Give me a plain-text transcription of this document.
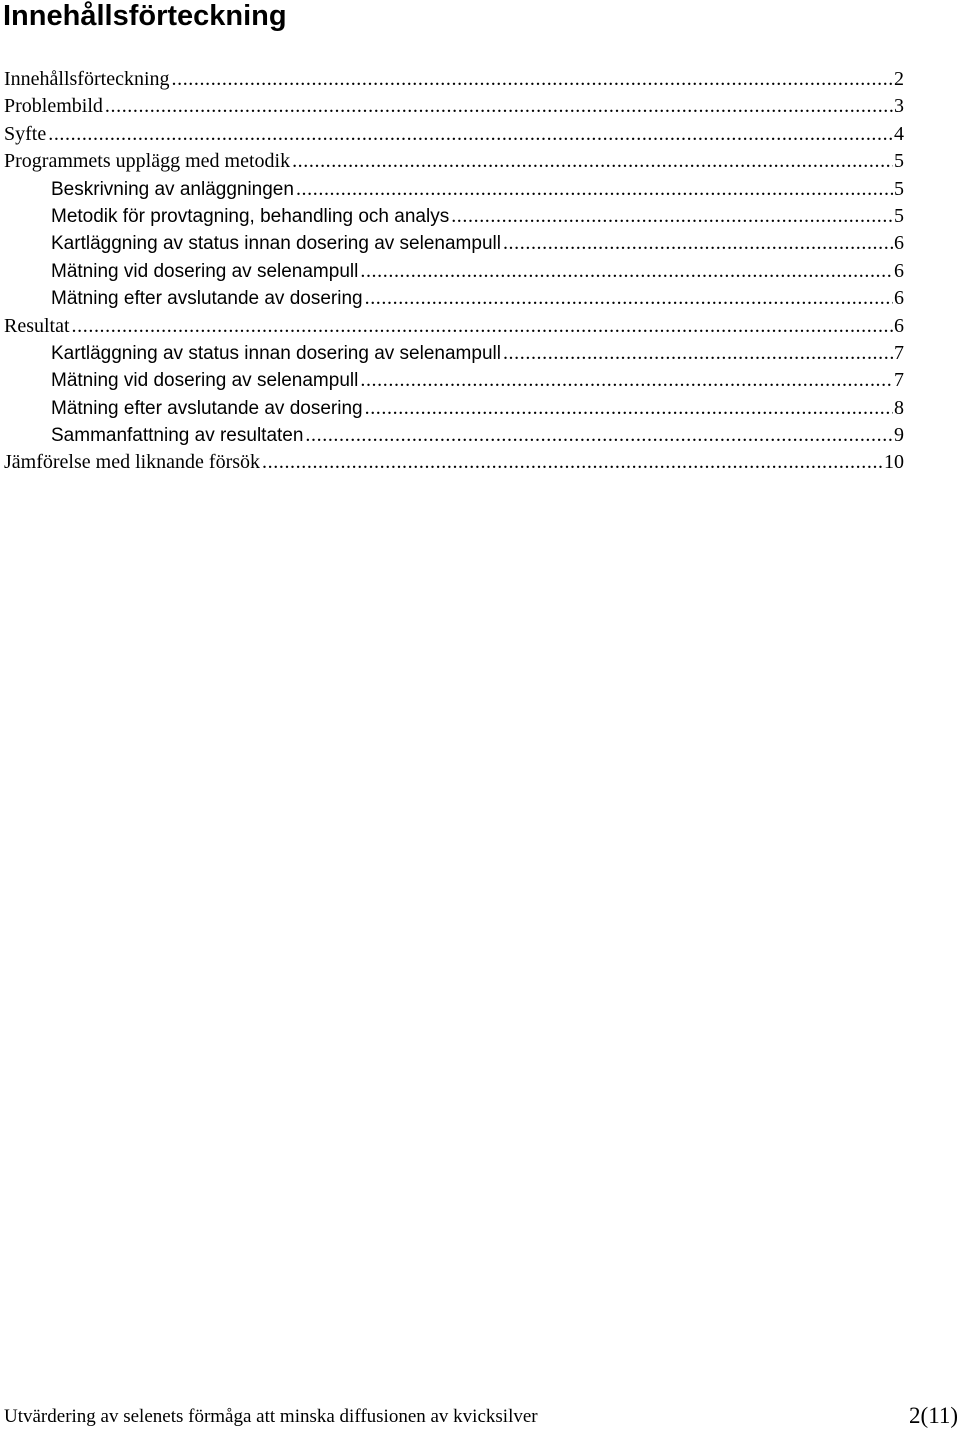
Innehållsförteckning
Innehållsförteckning .....	2
Problembild .....	3
Syfte .....	4
Programmets upplägg med metodik .....	5
Beskrivning av anläggningen .....	5
Metodik för provtagning, behandling och analys .....	5
Kartläggning av status innan dosering av selenampull .....	6
Mätning vid dosering av selenampull .....	6
Mätning efter avslutande av dosering .....	6
Resultat .....	6
Kartläggning av status innan dosering av selenampull .....	7
Mätning vid dosering av selenampull .....	7
Mätning efter avslutande av dosering .....	8
Sammanfattning av resultaten .....	9
Jämförelse med liknande försök .....	10
Utvärdering av selenets förmåga att minska diffusionen av kvicksilver	2(11)
